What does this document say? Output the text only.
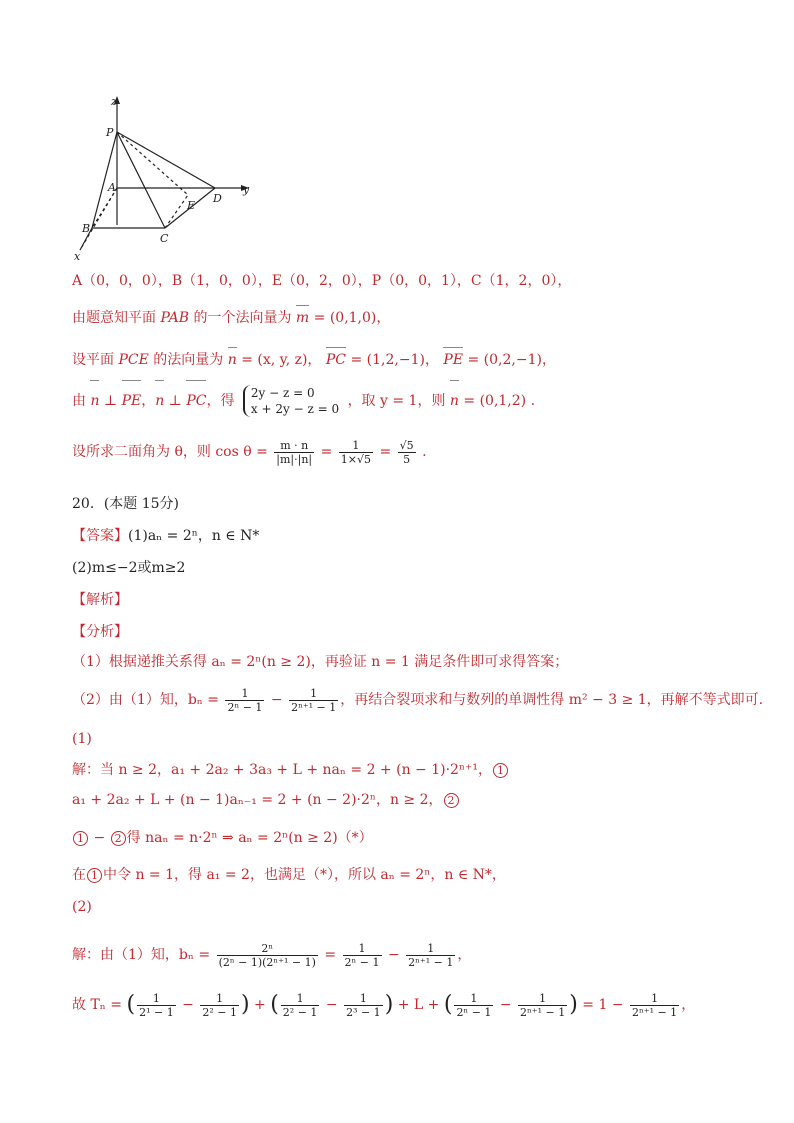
z
y
x
P
A
E
D
B
C
A（0，0，0），B（1，0，0），E（0，2，0），P（0，0，1），C（1，2，0），
由题意知平面 PAB 的一个法向量为 m = (0,1,0)，
设平面 PCE 的法向量为 n = (x, y, z)， PC = (1,2,−1)， PE = (0,2,−1)，
由 n ⊥ PE，n ⊥ PC，得 2y − z = 0
x + 2y − z = 0 ，取 y = 1，则 n = (0,1,2) .
设所求二面角为 θ，则 $\cos \theta = \frac{m \cdot n}{|m|\cdot|n|} = \frac{1}{1\times√5} = \frac{√5}{5}$ .
20．(本题 15分)
【答案】(1)aₙ = 2ⁿ，n ∈ N*
(2)m≤−2或m≥2
【解析】
【分析】
（1）根据递推关系得 aₙ = 2ⁿ(n ≥ 2)，再验证 n = 1 满足条件即可求得答案；
（2）由（1）知，$b_n = \frac{1}{\text{2ⁿ − 1}} - \frac{1}{\text{2ⁿ⁺¹ − 1}}$ ，再结合裂项求和与数列的单调性得 m² − 3 ≥ 1，再解不等式即可.
(1)
解：当 n ≥ 2，a₁ + 2a₂ + 3a₃ + L + naₙ = 2 + (n − 1)·2ⁿ⁺¹， 1
a₁ + 2a₂ + L + (n − 1)aₙ₋₁ = 2 + (n − 2)·2ⁿ，n ≥ 2， 2
1 − 2 得 naₙ = n·2ⁿ ⇒ aₙ = 2ⁿ(n ≥ 2)（*）
在 1 中令 n = 1，得 a₁ = 2，也满足（*），所以 aₙ = 2ⁿ，n ∈ N*，
(2)
解：由（1）知，$b_n = \frac{\text{2ⁿ}}{\text{(2ⁿ − 1)(2ⁿ⁺¹ − 1)}} = \frac{1}{\text{2ⁿ − 1}} - \frac{1}{\text{2ⁿ⁺¹ − 1}}$ ，
故 Tₙ = ( $\frac{1}{\text{2¹ − 1}} - \frac{1}{\text{2² − 1}}$ ) + ( $\frac{1}{\text{2² − 1}} - \frac{1}{\text{2³ − 1}}$ ) + L + ( $\frac{1}{\text{2ⁿ − 1}} - \frac{1}{\text{2ⁿ⁺¹ − 1}}$ ) = $1 - \frac{1}{\text{2ⁿ⁺¹ − 1}}$ ，
